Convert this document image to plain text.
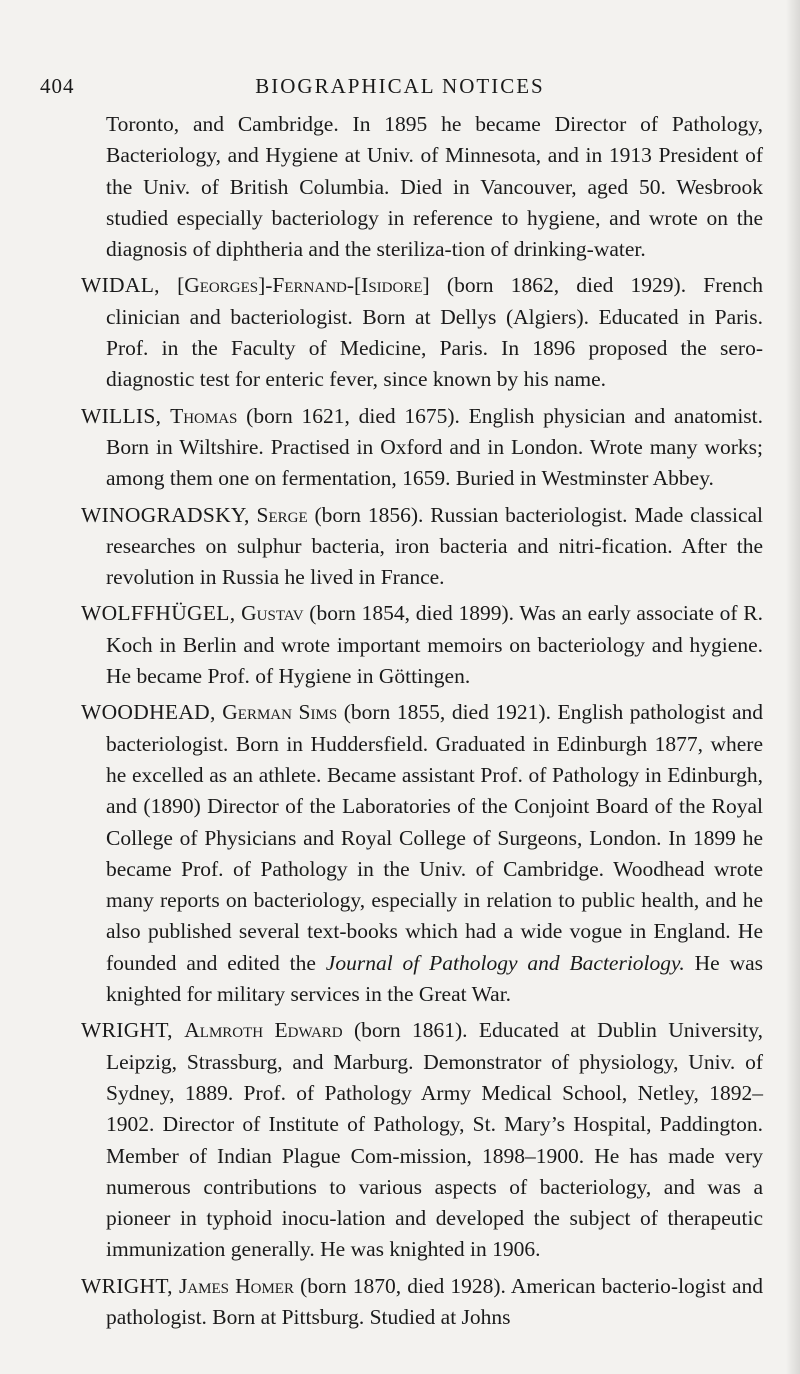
404	BIOGRAPHICAL NOTICES

Toronto, and Cambridge. In 1895 he became Director of Pathology, Bacteriology, and Hygiene at Univ. of Minnesota, and in 1913 President of the Univ. of British Columbia. Died in Vancouver, aged 50. Wesbrook studied especially bacteriology in reference to hygiene, and wrote on the diagnosis of diphtheria and the steriliza-tion of drinking-water.

WIDAL, [Georges]-Fernand-[Isidore] (born 1862, died 1929). French clinician and bacteriologist. Born at Dellys (Algiers). Educated in Paris. Prof. in the Faculty of Medicine, Paris. In 1896 proposed the sero-diagnostic test for enteric fever, since known by his name.

WILLIS, Thomas (born 1621, died 1675). English physician and anatomist. Born in Wiltshire. Practised in Oxford and in London. Wrote many works; among them one on fermentation, 1659. Buried in Westminster Abbey.

WINOGRADSKY, Serge (born 1856). Russian bacteriologist. Made classical researches on sulphur bacteria, iron bacteria and nitri-fication. After the revolution in Russia he lived in France.

WOLFFHÜGEL, Gustav (born 1854, died 1899). Was an early associate of R. Koch in Berlin and wrote important memoirs on bacteriology and hygiene. He became Prof. of Hygiene in Göttingen.

WOODHEAD, German Sims (born 1855, died 1921). English pathologist and bacteriologist. Born in Huddersfield. Graduated in Edinburgh 1877, where he excelled as an athlete. Became assistant Prof. of Pathology in Edinburgh, and (1890) Director of the Laboratories of the Conjoint Board of the Royal College of Physicians and Royal College of Surgeons, London. In 1899 he became Prof. of Pathology in the Univ. of Cambridge. Woodhead wrote many reports on bacteriology, especially in relation to public health, and he also published several text-books which had a wide vogue in England. He founded and edited the Journal of Pathology and Bacteriology. He was knighted for military services in the Great War.

WRIGHT, Almroth Edward (born 1861). Educated at Dublin University, Leipzig, Strassburg, and Marburg. Demonstrator of physiology, Univ. of Sydney, 1889. Prof. of Pathology Army Medical School, Netley, 1892–1902. Director of Institute of Pathology, St. Mary’s Hospital, Paddington. Member of Indian Plague Com-mission, 1898–1900. He has made very numerous contributions to various aspects of bacteriology, and was a pioneer in typhoid inocu-lation and developed the subject of therapeutic immunization generally. He was knighted in 1906.

WRIGHT, James Homer (born 1870, died 1928). American bacterio-logist and pathologist. Born at Pittsburg. Studied at Johns
